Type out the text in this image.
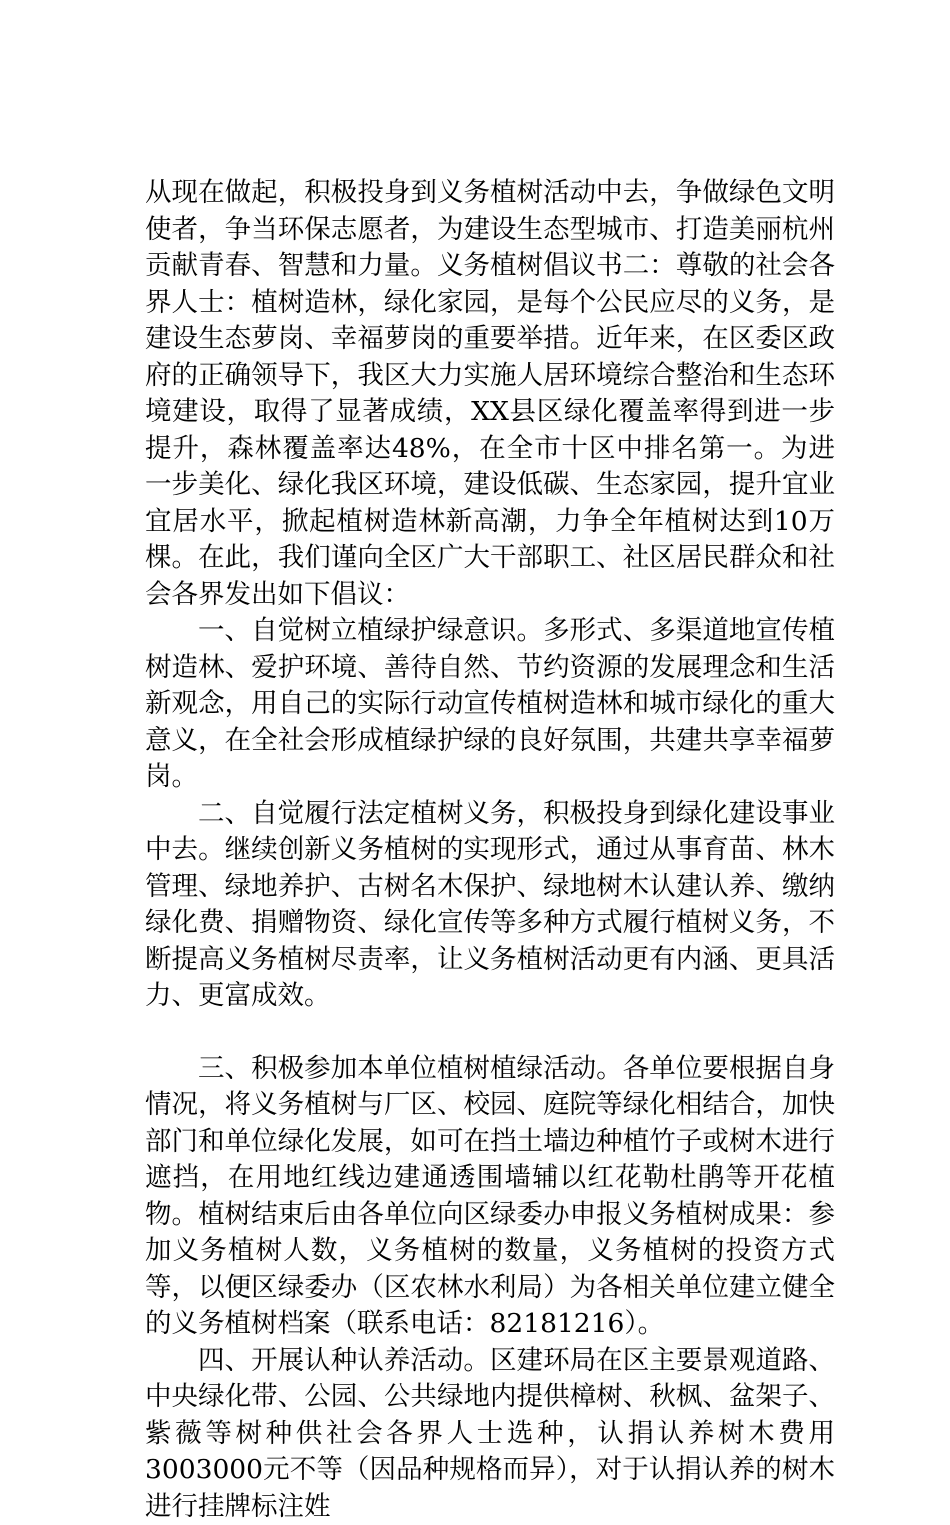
从现在做起，积极投身到义务植树活动中去，争做绿色文明使者，争当环保志愿者，为建设生态型城市、打造美丽杭州贡献青春、智慧和力量。义务植树倡议书二：尊敬的社会各界人士：植树造林，绿化家园，是每个公民应尽的义务，是建设生态萝岗、幸福萝岗的重要举措。近年来，在区委区政府的正确领导下，我区大力实施人居环境综合整治和生态环境建设，取得了显著成绩，XX县区绿化覆盖率得到进一步提升，森林覆盖率达48%，在全市十区中排名第一。为进一步美化、绿化我区环境，建设低碳、生态家园，提升宜业宜居水平，掀起植树造林新高潮，力争全年植树达到10万棵。在此，我们谨向全区广大干部职工、社区居民群众和社会各界发出如下倡议：

一、自觉树立植绿护绿意识。多形式、多渠道地宣传植树造林、爱护环境、善待自然、节约资源的发展理念和生活新观念，用自己的实际行动宣传植树造林和城市绿化的重大意义，在全社会形成植绿护绿的良好氛围，共建共享幸福萝岗。

二、自觉履行法定植树义务，积极投身到绿化建设事业中去。继续创新义务植树的实现形式，通过从事育苗、林木管理、绿地养护、古树名木保护、绿地树木认建认养、缴纳绿化费、捐赠物资、绿化宣传等多种方式履行植树义务，不断提高义务植树尽责率，让义务植树活动更有内涵、更具活力、更富成效。

三、积极参加本单位植树植绿活动。各单位要根据自身情况，将义务植树与厂区、校园、庭院等绿化相结合，加快部门和单位绿化发展，如可在挡土墙边种植竹子或树木进行遮挡，在用地红线边建通透围墙辅以红花勒杜鹃等开花植物。植树结束后由各单位向区绿委办申报义务植树成果：参加义务植树人数，义务植树的数量，义务植树的投资方式等，以便区绿委办（区农林水利局）为各相关单位建立健全的义务植树档案（联系电话：82181216）。

四、开展认种认养活动。区建环局在区主要景观道路、中央绿化带、公园、公共绿地内提供樟树、秋枫、盆架子、紫薇等树种供社会各界人士选种，认捐认养树木费用3003000元不等（因品种规格而异），对于认捐认养的树木进行挂牌标注姓
